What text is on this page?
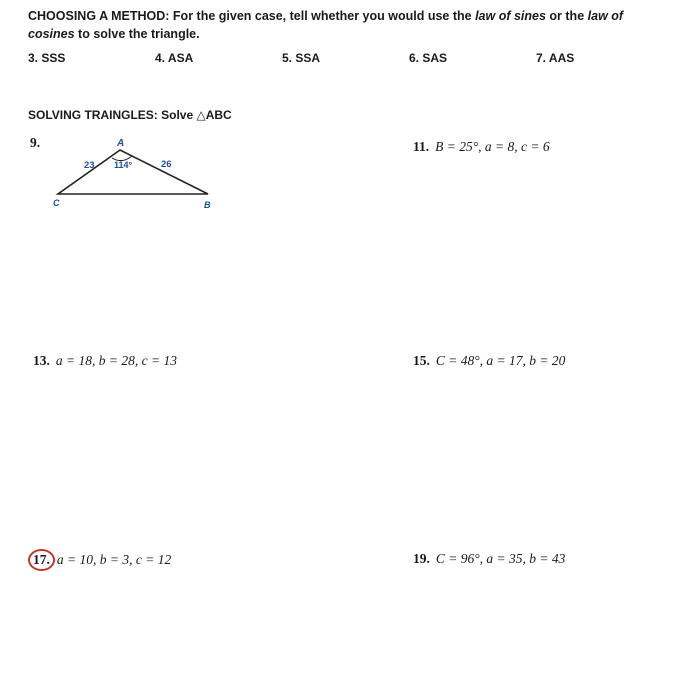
CHOOSING A METHOD: For the given case, tell whether you would use the law of sines or the law of
cosines to solve the triangle.
3. SSS	4. ASA	5. SSA	6. SAS	7. AAS
SOLVING TRAINGLES: Solve △ABC
9.	A
B
C
23	26
114°
11. B = 25°, a = 8, c = 6
13. a = 18, b = 28, c = 13	15. C = 48°, a = 17, b = 20
17. a = 10, b = 3, c = 12	19. C = 96°, a = 35, b = 43
